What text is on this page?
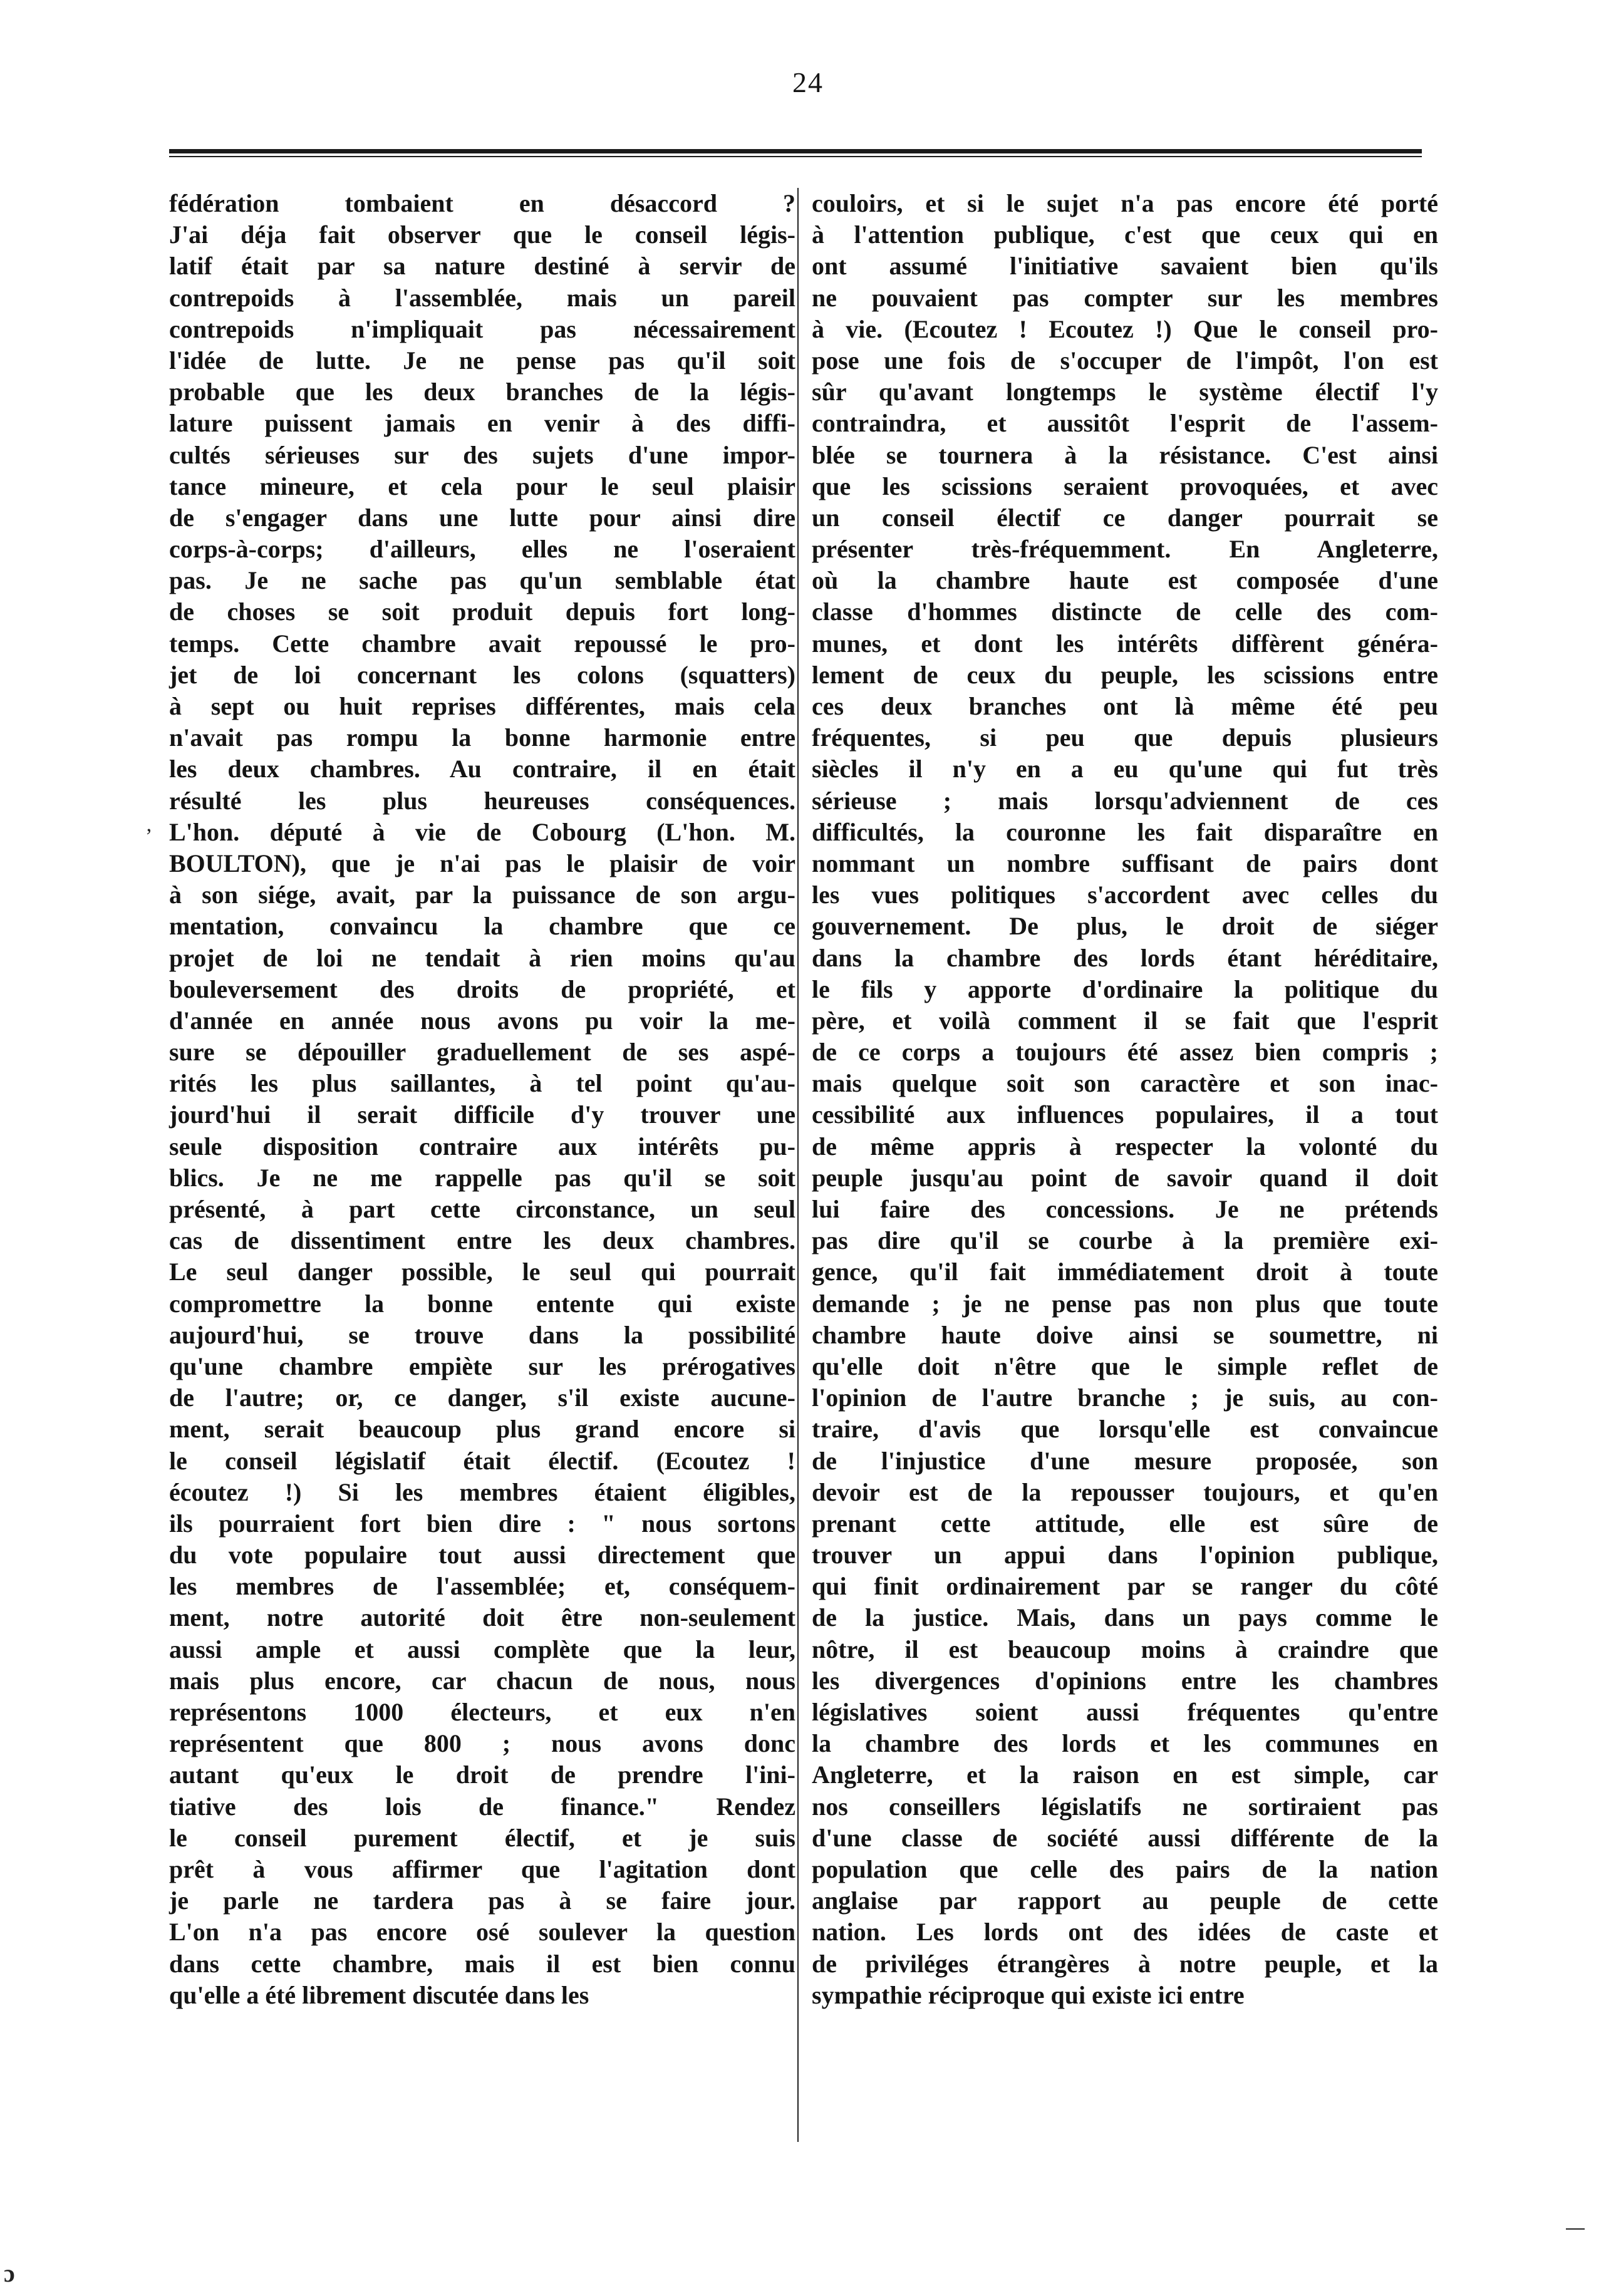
24
fédération tombaient en désaccord ?
J'ai déja fait observer que le conseil légis-
latif était par sa nature destiné à servir de
contrepoids à l'assemblée, mais un pareil
contrepoids n'impliquait pas nécessairement
l'idée de lutte. Je ne pense pas qu'il soit
probable que les deux branches de la légis-
lature puissent jamais en venir à des diffi-
cultés sérieuses sur des sujets d'une impor-
tance mineure, et cela pour le seul plaisir
de s'engager dans une lutte pour ainsi dire
corps-à-corps; d'ailleurs, elles ne l'oseraient
pas. Je ne sache pas qu'un semblable état
de choses se soit produit depuis fort long-
temps. Cette chambre avait repoussé le pro-
jet de loi concernant les colons (squatters)
à sept ou huit reprises différentes, mais cela
n'avait pas rompu la bonne harmonie entre
les deux chambres. Au contraire, il en était
résulté les plus heureuses conséquences.
L'hon. député à vie de Cobourg (L'hon. M.
BOULTON), que je n'ai pas le plaisir de voir
à son siége, avait, par la puissance de son argu-
mentation, convaincu la chambre que ce
projet de loi ne tendait à rien moins qu'au
bouleversement des droits de propriété, et
d'année en année nous avons pu voir la me-
sure se dépouiller graduellement de ses aspé-
rités les plus saillantes, à tel point qu'au-
jourd'hui il serait difficile d'y trouver une
seule disposition contraire aux intérêts pu-
blics. Je ne me rappelle pas qu'il se soit
présenté, à part cette circonstance, un seul
cas de dissentiment entre les deux chambres.
Le seul danger possible, le seul qui pourrait
compromettre la bonne entente qui existe
aujourd'hui, se trouve dans la possibilité
qu'une chambre empiète sur les prérogatives
de l'autre; or, ce danger, s'il existe aucune-
ment, serait beaucoup plus grand encore si
le conseil législatif était électif. (Ecoutez !
écoutez !) Si les membres étaient éligibles,
ils pourraient fort bien dire : " nous sortons
du vote populaire tout aussi directement que
les membres de l'assemblée; et, conséquem-
ment, notre autorité doit être non-seulement
aussi ample et aussi complète que la leur,
mais plus encore, car chacun de nous, nous
représentons 1000 électeurs, et eux n'en
représentent que 800 ; nous avons donc
autant qu'eux le droit de prendre l'ini-
tiative des lois de finance." Rendez
le conseil purement électif, et je suis
prêt à vous affirmer que l'agitation dont
je parle ne tardera pas à se faire jour.
L'on n'a pas encore osé soulever la question
dans cette chambre, mais il est bien connu
qu'elle a été librement discutée dans les
couloirs, et si le sujet n'a pas encore été porté
à l'attention publique, c'est que ceux qui en
ont assumé l'initiative savaient bien qu'ils
ne pouvaient pas compter sur les membres
à vie. (Ecoutez ! Ecoutez !) Que le conseil pro-
pose une fois de s'occuper de l'impôt, l'on est
sûr qu'avant longtemps le système électif l'y
contraindra, et aussitôt l'esprit de l'assem-
blée se tournera à la résistance. C'est ainsi
que les scissions seraient provoquées, et avec
un conseil électif ce danger pourrait se
présenter très-fréquemment. En Angleterre,
où la chambre haute est composée d'une
classe d'hommes distincte de celle des com-
munes, et dont les intérêts diffèrent généra-
lement de ceux du peuple, les scissions entre
ces deux branches ont là même été peu
fréquentes, si peu que depuis plusieurs
siècles il n'y en a eu qu'une qui fut très
sérieuse ; mais lorsqu'adviennent de ces
difficultés, la couronne les fait disparaître en
nommant un nombre suffisant de pairs dont
les vues politiques s'accordent avec celles du
gouvernement. De plus, le droit de siéger
dans la chambre des lords étant héréditaire,
le fils y apporte d'ordinaire la politique du
père, et voilà comment il se fait que l'esprit
de ce corps a toujours été assez bien compris ;
mais quelque soit son caractère et son inac-
cessibilité aux influences populaires, il a tout
de même appris à respecter la volonté du
peuple jusqu'au point de savoir quand il doit
lui faire des concessions. Je ne prétends
pas dire qu'il se courbe à la première exi-
gence, qu'il fait immédiatement droit à toute
demande ; je ne pense pas non plus que toute
chambre haute doive ainsi se soumettre, ni
qu'elle doit n'être que le simple reflet de
l'opinion de l'autre branche ; je suis, au con-
traire, d'avis que lorsqu'elle est convaincue
de l'injustice d'une mesure proposée, son
devoir est de la repousser toujours, et qu'en
prenant cette attitude, elle est sûre de
trouver un appui dans l'opinion publique,
qui finit ordinairement par se ranger du côté
de la justice. Mais, dans un pays comme le
nôtre, il est beaucoup moins à craindre que
les divergences d'opinions entre les chambres
législatives soient aussi fréquentes qu'entre
la chambre des lords et les communes en
Angleterre, et la raison en est simple, car
nos conseillers législatifs ne sortiraient pas
d'une classe de société aussi différente de la
population que celle des pairs de la nation
anglaise par rapport au peuple de cette
nation. Les lords ont des idées de caste et
de priviléges étrangères à notre peuple, et la
sympathie réciproque qui existe ici entre
‚
ɔ
